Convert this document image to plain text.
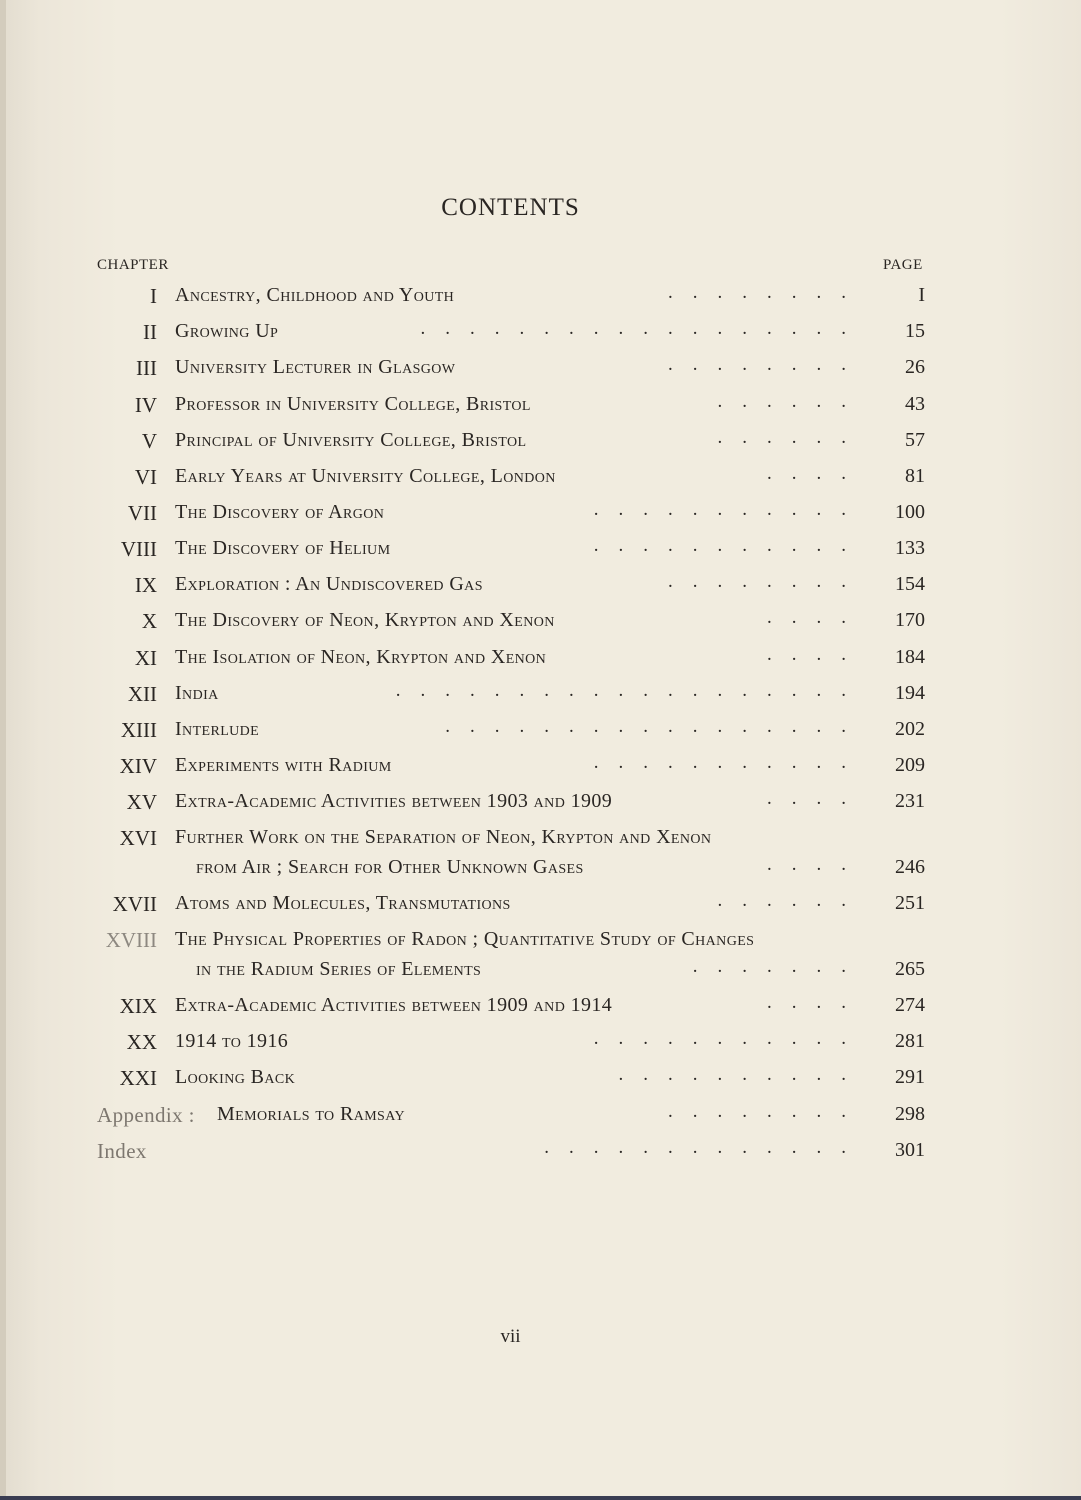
CONTENTS
CHAPTER	PAGE
I Ancestry, Childhood and Youth	........	I
II Growing Up	..................	15
III University Lecturer in Glasgow	........	26
IV Professor in University College, Bristol	......	43
V Principal of University College, Bristol	......	57
VI Early Years at University College, London	....	81
VII The Discovery of Argon	...........	100
VIII The Discovery of Helium	...........	133
IX Exploration : An Undiscovered Gas	........	154
X The Discovery of Neon, Krypton and Xenon	....	170
XI The Isolation of Neon, Krypton and Xenon	....	184
XII India	...................	194
XIII Interlude	.................	202
XIV Experiments with Radium	...........	209
XV Extra-Academic Activities between 1903 and 1909	....	231
XVI Further Work on the Separation of Neon, Krypton and Xenon
from Air ; Search for Other Unknown Gases	....	246
XVII Atoms and Molecules, Transmutations	......	251
XVIII The Physical Properties of Radon ; Quantitative Study of Changes
in the Radium Series of Elements	.......	265
XIX Extra-Academic Activities between 1909 and 1914	....	274
XX 1914 to 1916	...........	281
XXI Looking Back	..........	291
Appendix : Memorials to Ramsay	........	298
Index	.............	301
vii
